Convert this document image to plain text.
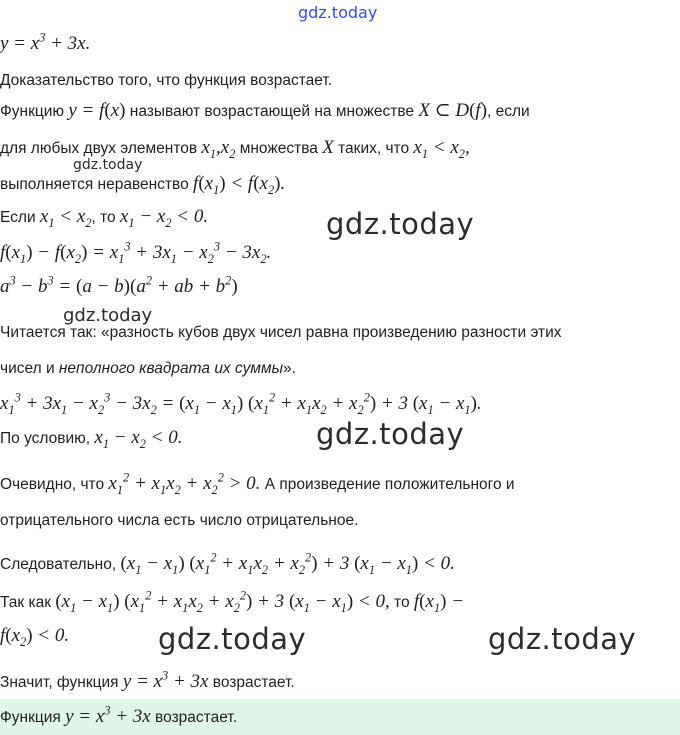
gdz.today
$y = x^3 + 3x$.
Доказательство того, что функция возрастает.
Функцию y = f(x) называют возрастающей на множестве X ⊂ D(f), если
для любых двух элементов $x_1,x_2$ множества X таких, что $x_1 < x_2$,
gdz.today
выполняется неравенство $f(x_1) < f(x_2)$.
Если $x_1 < x_2$, то $x_1 - x_2 < 0$.	gdz.today
$f(x_1) - f(x_2) = x_1^3 + 3x_1 - x_2^3 - 3x_2$.
$a^3 - b^3 = (a - b)(a^2$ + ab + $b^2$)
gdz.today
Читается так: «разность кубов двух чисел равна произведению разности этих
чисел и неполного квадрата их суммы».
$x_1^3 + 3x_1 - x_2^3 - 3x_2 = (x_1 - x_1) (x_1^2 + x_1x_2 + x_2^2) + 3$ $(x_1 - x_1)$.
По условию, $x_1 - x_2 < 0$.	gdz.today
Очевидно, что $x_1^2 + x_1x_2 + x_2^2 > 0$. А произведение положительного и
отрицательного числа есть число отрицательное.
Следовательно, $(x_1 - x_1) (x_1^2 + x_1x_2 + x_2^2) + 3$ $(x_1 - x_1) < 0$.
Так как $(x_1 - x_1) (x_1^2 + x_1x_2 + x_2^2) + 3$ $(x_1 - x_1) < 0$, то $f(x_1)$ −
$f(x_2) < 0$.	gdz.today	gdz.today
Значит, функция $y = x^3 + 3x$ возрастает.
Функция $y = x^3 + 3x$ возрастает.
